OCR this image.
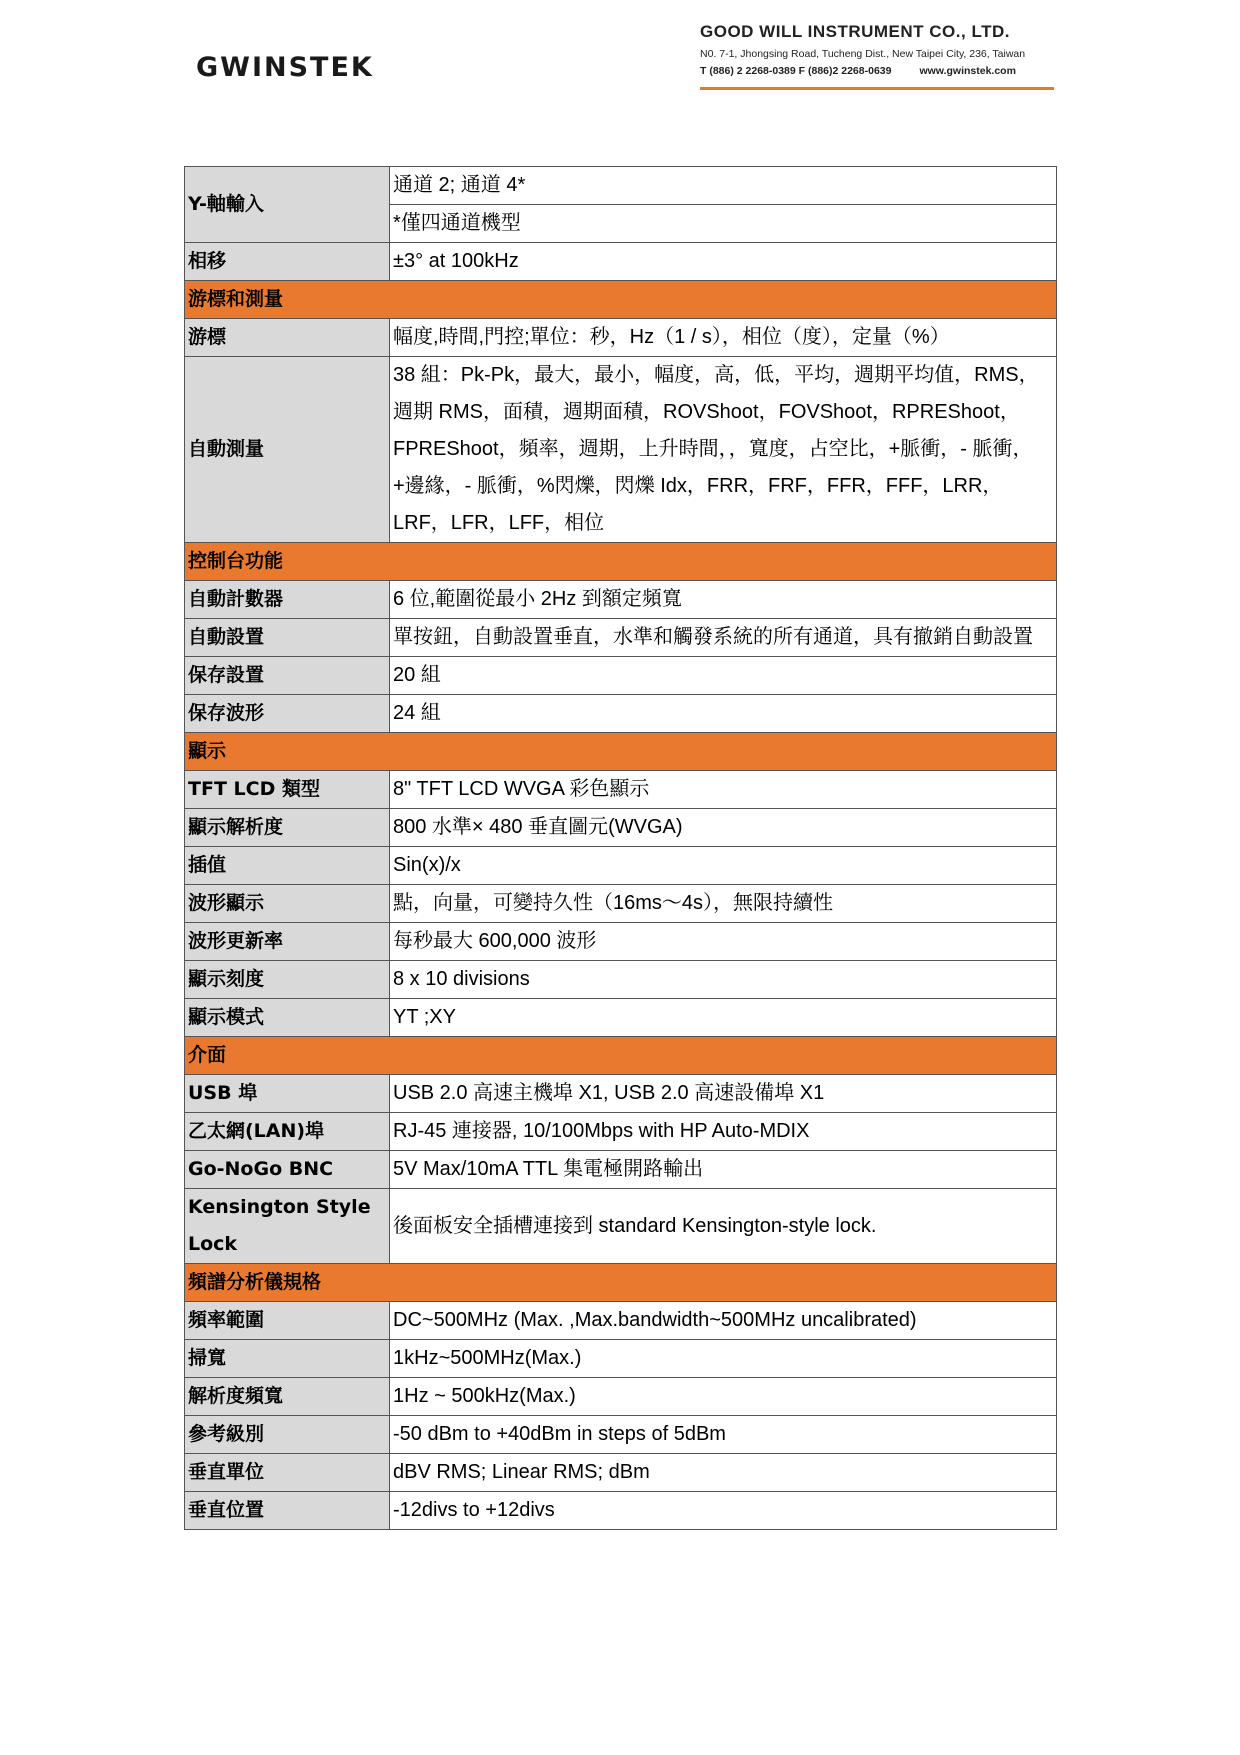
GWINSTEK
GOOD WILL INSTRUMENT CO., LTD.
N0. 7-1, Jhongsing Road, Tucheng Dist., New Taipei City, 236, Taiwan
T (886) 2 2268-0389 F (886)2 2268-0639	www.gwinstek.com
Y-軸輸入	通道 2; 通道 4*
	*僅四通道機型
相移	±3° at 100kHz
游標和測量	
游標	幅度,時間,門控;單位：秒，Hz（1 / s），相位（度），定量（%）
自動測量	38 組：Pk-Pk，最大，最小，幅度，高，低，平均，週期平均值，RMS，週期 RMS，面積，週期面積，ROVShoot，FOVShoot，RPREShoot，FPREShoot，頻率，週期，上升時間，，寬度，占空比，+脈衝，- 脈衝，+邊緣，- 脈衝，%閃爍，閃爍 Idx，FRR，FRF，FFR，FFF，LRR，LRF，LFR，LFF，相位
控制台功能	
自動計數器	6 位,範圍從最小 2Hz 到額定頻寬
自動設置	單按鈕，自動設置垂直，水準和觸發系統的所有通道，具有撤銷自動設置
保存設置	20 組
保存波形	24 組
顯示	
TFT LCD 類型	8" TFT LCD WVGA 彩色顯示
顯示解析度	800 水準× 480 垂直圖元(WVGA)
插值	Sin(x)/x
波形顯示	點，向量，可變持久性（16ms～4s），無限持續性
波形更新率	每秒最大 600,000 波形
顯示刻度	8 x 10 divisions
顯示模式	YT ;XY
介面	
USB 埠	USB 2.0 高速主機埠 X1, USB 2.0 高速設備埠 X1
乙太網(LAN)埠	RJ-45 連接器, 10/100Mbps with HP Auto-MDIX
Go-NoGo BNC	5V Max/10mA TTL 集電極開路輸出
Kensington Style Lock	後面板安全插槽連接到 standard Kensington-style lock.
頻譜分析儀規格	
頻率範圍	DC~500MHz (Max. ,Max.bandwidth~500MHz uncalibrated)
掃寬	1kHz~500MHz(Max.)
解析度頻寬	1Hz ~ 500kHz(Max.)
參考級別	-50 dBm to +40dBm in steps of 5dBm
垂直單位	dBV RMS; Linear RMS; dBm
垂直位置	-12divs to +12divs
